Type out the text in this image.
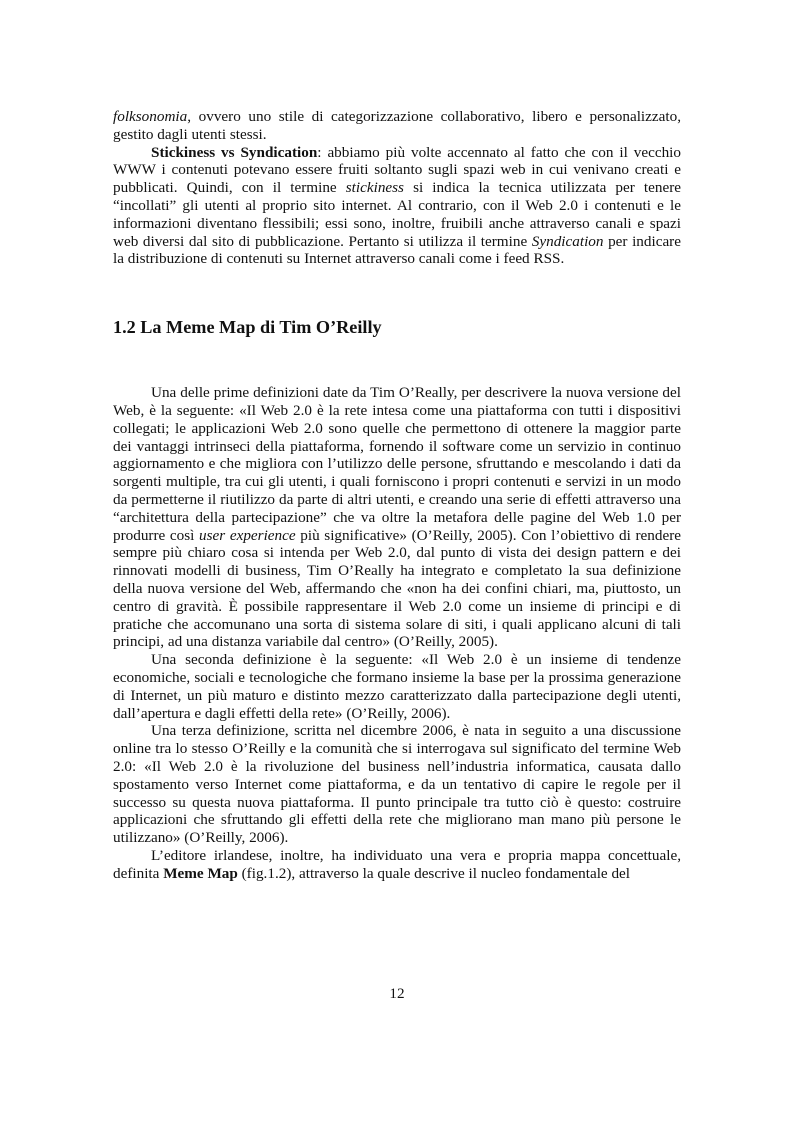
folksonomia, ovvero uno stile di categorizzazione collaborativo, libero e personalizzato, gestito dagli utenti stessi.

Stickiness vs Syndication: abbiamo più volte accennato al fatto che con il vecchio WWW i contenuti potevano essere fruiti soltanto sugli spazi web in cui venivano creati e pubblicati. Quindi, con il termine stickiness si indica la tecnica utilizzata per tenere “incollati” gli utenti al proprio sito internet. Al contrario, con il Web 2.0 i contenuti e le informazioni diventano flessibili; essi sono, inoltre, fruibili anche attraverso canali e spazi web diversi dal sito di pubblicazione. Pertanto si utilizza il termine Syndication per indicare la distribuzione di contenuti su Internet attraverso canali come i feed RSS.

1.2 La Meme Map di Tim O’Reilly

Una delle prime definizioni date da Tim O’Really, per descrivere la nuova versione del Web, è la seguente: «Il Web 2.0 è la rete intesa come una piattaforma con tutti i dispositivi collegati; le applicazioni Web 2.0 sono quelle che permettono di ottenere la maggior parte dei vantaggi intrinseci della piattaforma, fornendo il software come un servizio in continuo aggiornamento e che migliora con l’utilizzo delle persone, sfruttando e mescolando i dati da sorgenti multiple, tra cui gli utenti, i quali forniscono i propri contenuti e servizi in un modo da permetterne il riutilizzo da parte di altri utenti, e creando una serie di effetti attraverso una “architettura della partecipazione” che va oltre la metafora delle pagine del Web 1.0 per produrre così user experience più significative» (O’Reilly, 2005). Con l’obiettivo di rendere sempre più chiaro cosa si intenda per Web 2.0, dal punto di vista dei design pattern e dei rinnovati modelli di business, Tim O’Really ha integrato e completato la sua definizione della nuova versione del Web, affermando che «non ha dei confini chiari, ma, piuttosto, un centro di gravità. È possibile rappresentare il Web 2.0 come un insieme di principi e di pratiche che accomunano una sorta di sistema solare di siti, i quali applicano alcuni di tali principi, ad una distanza variabile dal centro» (O’Reilly, 2005).

Una seconda definizione è la seguente: «Il Web 2.0 è un insieme di tendenze economiche, sociali e tecnologiche che formano insieme la base per la prossima generazione di Internet, un più maturo e distinto mezzo caratterizzato dalla partecipazione degli utenti, dall’apertura e dagli effetti della rete» (O’Reilly, 2006).

Una terza definizione, scritta nel dicembre 2006, è nata in seguito a una discussione online tra lo stesso O’Reilly e la comunità che si interrogava sul significato del termine Web 2.0: «Il Web 2.0 è la rivoluzione del business nell’industria informatica, causata dallo spostamento verso Internet come piattaforma, e da un tentativo di capire le regole per il successo su questa nuova piattaforma. Il punto principale tra tutto ciò è questo: costruire applicazioni che sfruttando gli effetti della rete che migliorano man mano più persone le utilizzano» (O’Reilly, 2006).

L’editore irlandese, inoltre, ha individuato una vera e propria mappa concettuale, definita Meme Map (fig.1.2), attraverso la quale descrive il nucleo fondamentale del

12
